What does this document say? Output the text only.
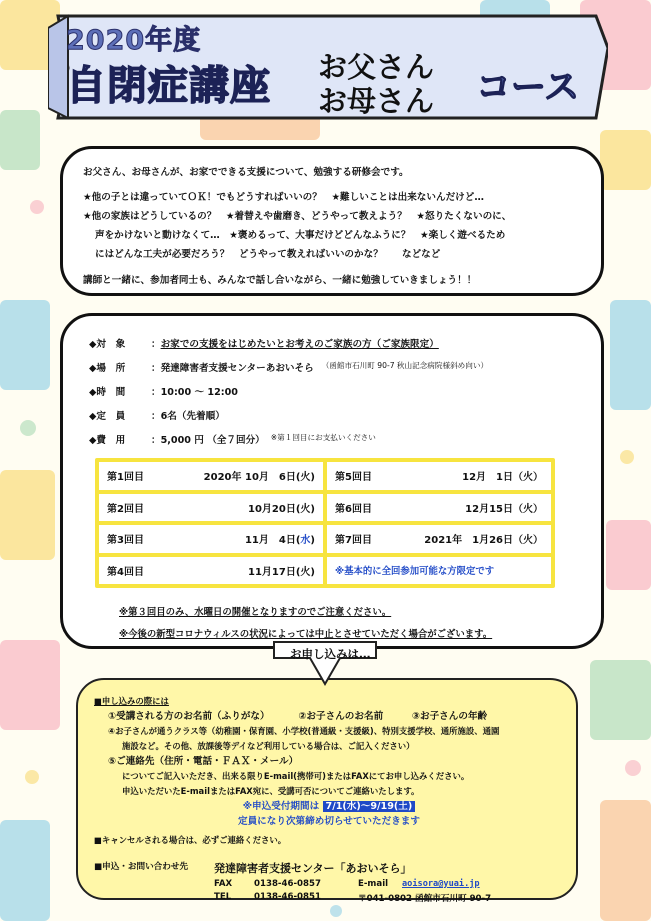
2020年度
自閉症講座 お父さん
お母さん	コース

お父さん、お母さんが、お家でできる支援について、勉強する研修会です。

★他の子とは違っていてＯＫ！でもどうすればいいの？　★難しいことは出来ないんだけど…

★他の家族はどうしているの？　★着替えや歯磨き、どうやって教えよう？　★怒りたくないのに、

声をかけないと動けなくて…　★褒めるって、大事だけどどんなふうに？　★楽しく遊べるため

にはどんな工夫が必要だろう？　どうやって教えればいいのかな？　　などなど

講師と一緒に、参加者同士も、みんなで話し合いながら、一緒に勉強していきましょう！！

◆対　象	： お家での支援をはじめたいとお考えのご家族の方（ご家族限定）
◆場　所	： 発達障害者支援センターあおいそら （函館市石川町 90-7 秋山記念病院様斜め向い）
◆時　間	： 10:00 〜 12:00
◆定　員	： 6名（先着順）
◆費　用	： 5,000 円 （全７回分） ※第１回目にお支払いください
第1回目	2020年 10月　6日(火) 第5回目	12月　1日（火）
第2回目	10月20日(火) 第6回目	12月15日（火）
第3回目	11月　4日(水) 第7回目	2021年　1月26日（火）
第4回目	11月17日(火)	※基本的に全回参加可能な方限定です
※第３回目のみ、水曜日の開催となりますのでご注意ください。
※今後の新型コロナウィルスの状況によっては中止とさせていただく場合がございます。
お申し込みは…
■申し込みの際には
①受講される方のお名前（ふりがな）	②お子さんのお名前	③お子さんの年齢
④お子さんが通うクラス等（幼稚園・保育園、小学校(普通級・支援級)、特別支援学校、通所施設、通園
施設など。その他、放課後等デイなど利用している場合は、ご記入ください）
⑤ご連絡先（住所・電話・ＦＡＸ・メール）
についてご記入いただき、出来る限りE-mail(携帯可)またはFAXにてお申し込みください。
申込いただいたE-mailまたはFAX宛に、受講可否についてご連絡いたします。
※申込受付期間は 7/1(水)〜9/19(土)
定員になり次第締め切らせていただきます
■キャンセルされる場合は、必ずご連絡ください。
■申込・お問い合わせ先	発達障害者支援センター「あおいそら」
FAX	0138-46-0857	E-mail	aoisora@yuai.jp
TEL	0138-46-0851	〒041-0802 函館市石川町 90-7
